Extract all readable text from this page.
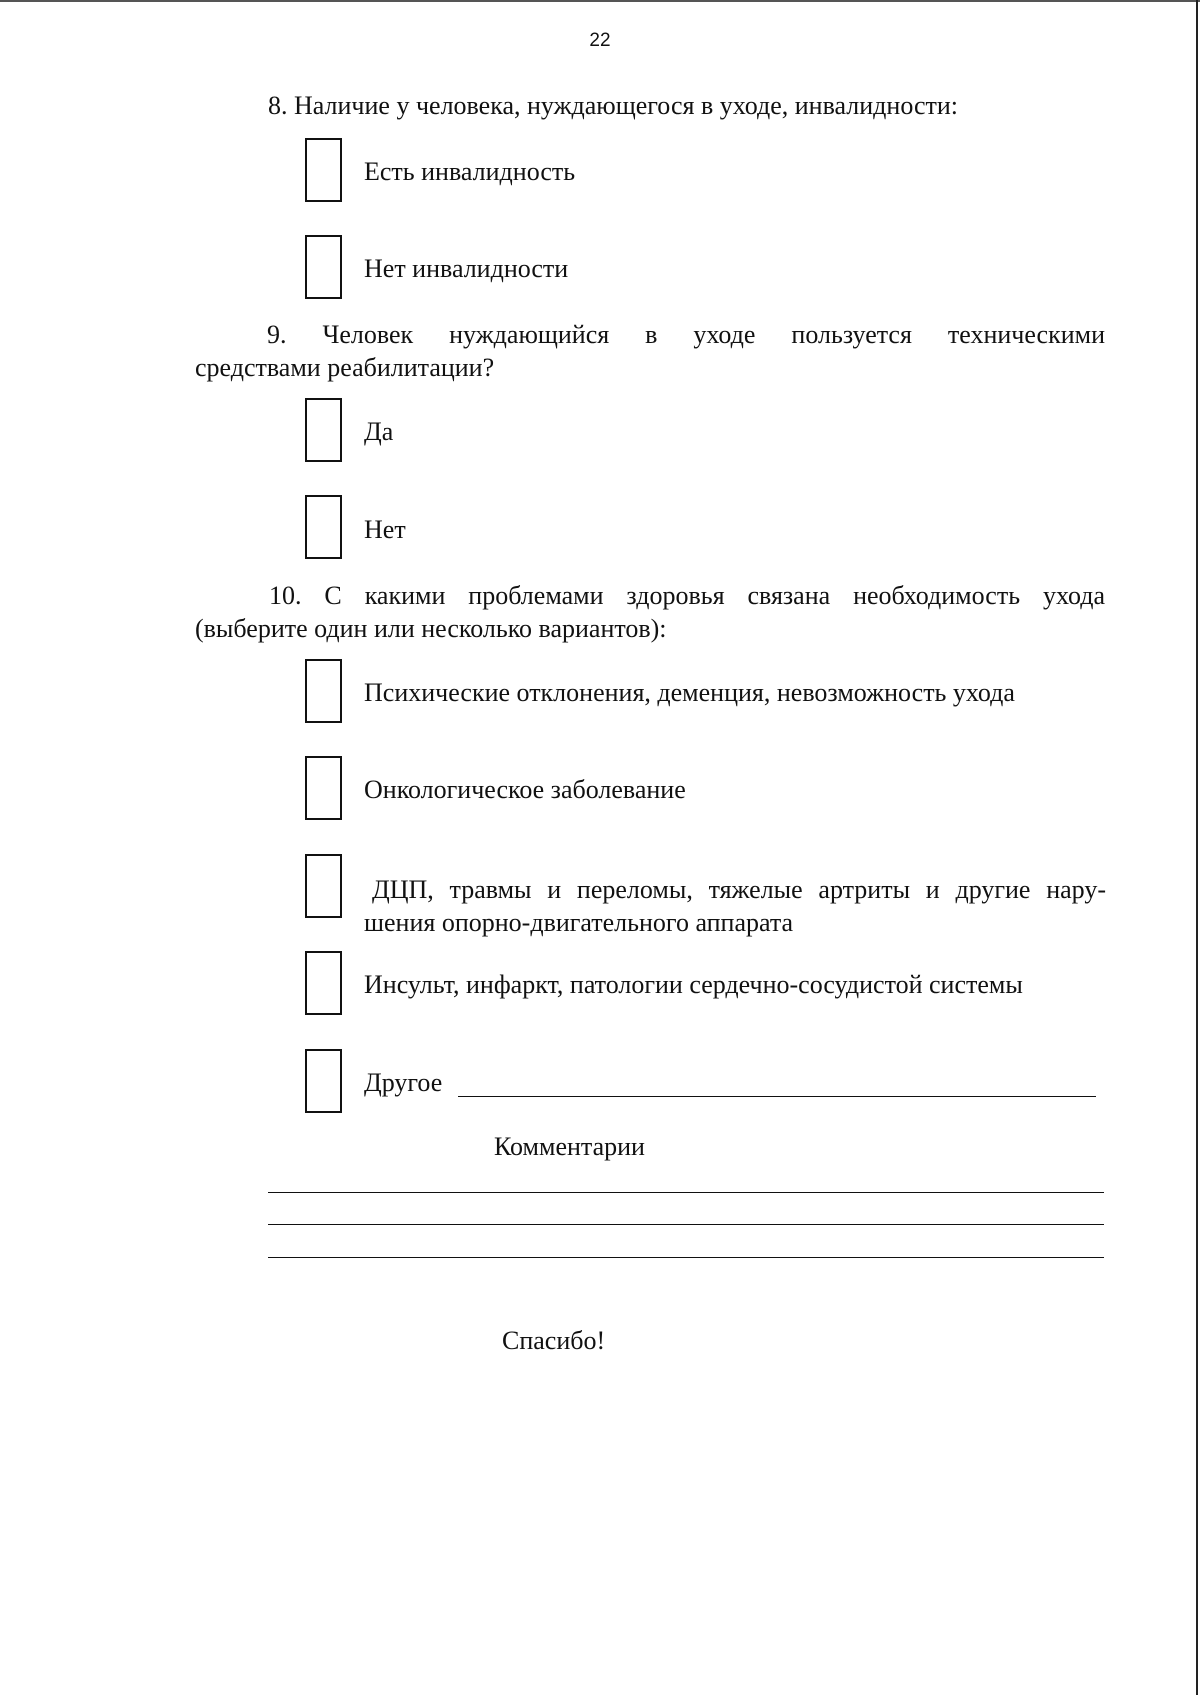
22
8. Наличие у человека, нуждающегося в уходе, инвалидности:
Есть инвалидность
Нет инвалидности
9. Человек нуждающийся в уходе пользуется техническими
средствами реабилитации?
Да
Нет
10. С какими проблемами здоровья связана необходимость ухода
(выберите один или несколько вариантов):
Психические отклонения, деменция, невозможность ухода
Онкологическое заболевание
ДЦП, травмы и переломы, тяжелые артриты и другие нару-
шения опорно-двигательного аппарата
Инсульт, инфаркт, патологии сердечно-сосудистой системы
Другое
Комментарии
Спасибо!
